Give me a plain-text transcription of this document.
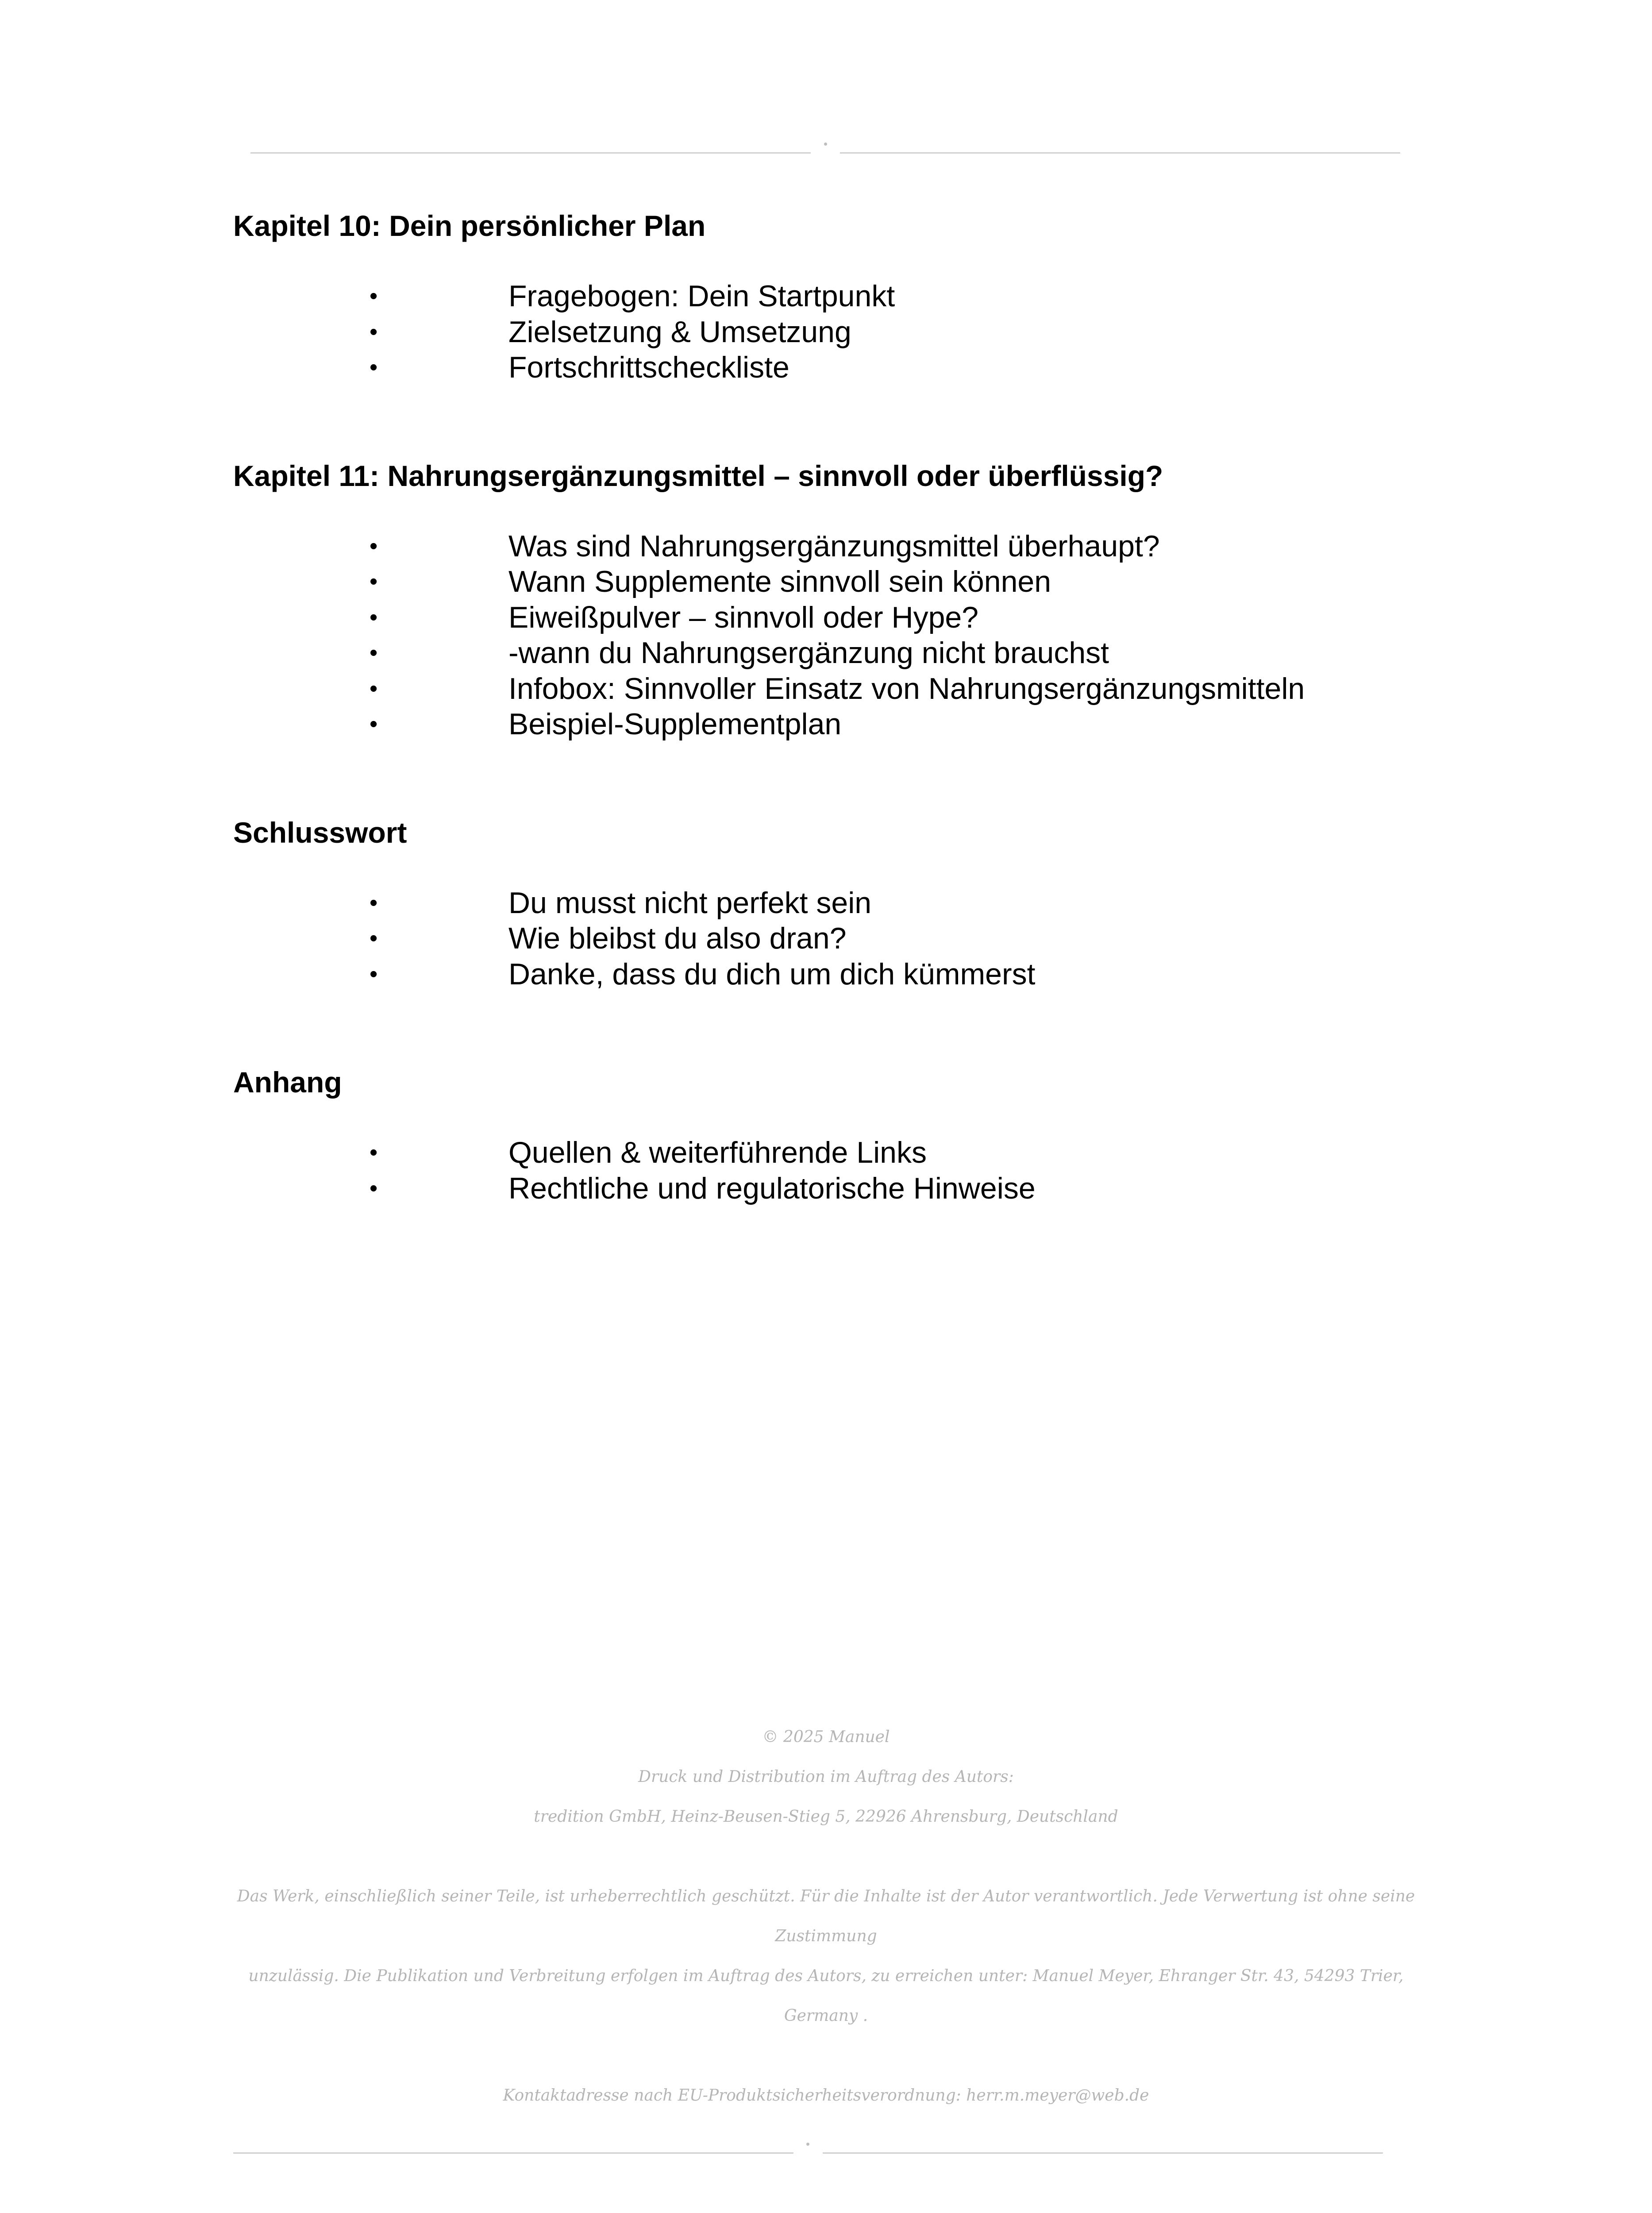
Kapitel 10: Dein persönlicher Plan
•	Fragebogen: Dein Startpunkt
•	Zielsetzung & Umsetzung
•	Fortschrittscheckliste
Kapitel 11: Nahrungsergänzungsmittel – sinnvoll oder überflüssig?
•	Was sind Nahrungsergänzungsmittel überhaupt?
•	Wann Supplemente sinnvoll sein können
•	Eiweißpulver – sinnvoll oder Hype?
•	-wann du Nahrungsergänzung nicht brauchst
•	Infobox: Sinnvoller Einsatz von Nahrungsergänzungsmitteln
•	Beispiel-Supplementplan
Schlusswort
•	Du musst nicht perfekt sein
•	Wie bleibst du also dran?
•	Danke, dass du dich um dich kümmerst
Anhang
•	Quellen & weiterführende Links
•	Rechtliche und regulatorische Hinweise

© 2025 Manuel

Druck und Distribution im Auftrag des Autors:

tredition GmbH, Heinz-Beusen-Stieg 5, 22926 Ahrensburg, Deutschland

Das Werk, einschließlich seiner Teile, ist urheberrechtlich geschützt. Für die Inhalte ist der Autor verantwortlich. Jede Verwertung ist ohne seine Zustimmung

unzulässig. Die Publikation und Verbreitung erfolgen im Auftrag des Autors, zu erreichen unter: Manuel Meyer, Ehranger Str. 43, 54293 Trier, Germany .

Kontaktadresse nach EU-Produktsicherheitsverordnung: herr.m.meyer@web.de
